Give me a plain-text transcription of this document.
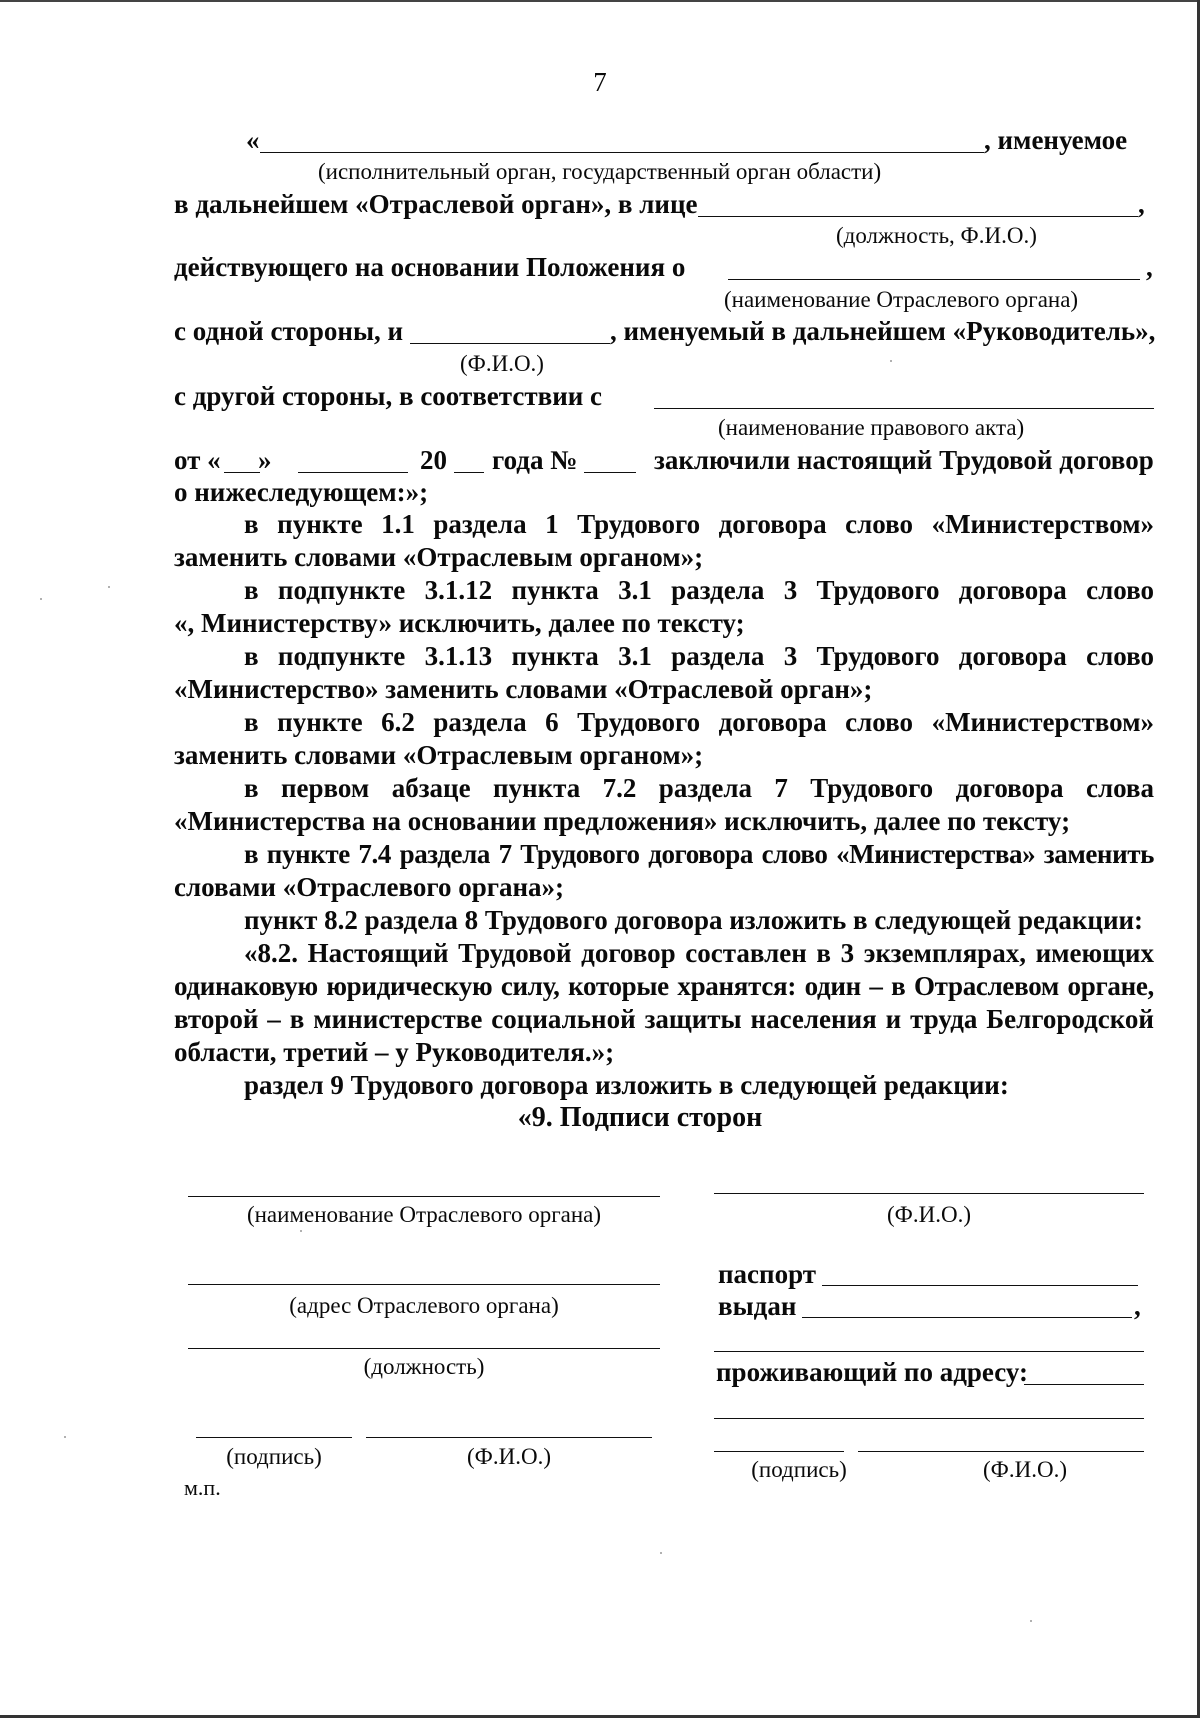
7
«	, именуемое
(исполнительный орган, государственный орган области)
в дальнейшем «Отраслевой орган», в лице	,
(должность, Ф.И.О.)
действующего на основании Положения о	,
(наименование Отраслевого органа)
с одной стороны, и	, именуемый в дальнейшем «Руководитель»,
(Ф.И.О.)
с другой стороны, в соответствии с
(наименование правового акта)
от « »	20 года №	заключили настоящий Трудовой договор
о нижеследующем:»;
в пункте 1.1 раздела 1 Трудового договора слово «Министерством»
заменить словами «Отраслевым органом»;
в подпункте 3.1.12 пункта 3.1 раздела 3 Трудового договора слово
«, Министерству» исключить, далее по тексту;
в подпункте 3.1.13 пункта 3.1 раздела 3 Трудового договора слово
«Министерство» заменить словами «Отраслевой орган»;
в пункте 6.2 раздела 6 Трудового договора слово «Министерством»
заменить словами «Отраслевым органом»;
в первом абзаце пункта 7.2 раздела 7 Трудового договора слова
«Министерства на основании предложения» исключить, далее по тексту;
в пункте 7.4 раздела 7 Трудового договора слово «Министерства» заменить
словами «Отраслевого органа»;
пункт 8.2 раздела 8 Трудового договора изложить в следующей редакции:
«8.2. Настоящий Трудовой договор составлен в 3 экземплярах, имеющих
одинаковую юридическую силу, которые хранятся: один – в Отраслевом органе,
второй – в министерстве социальной защиты населения и труда Белгородской
области, третий – у Руководителя.»;
раздел 9 Трудового договора изложить в следующей редакции:
«9. Подписи сторон
(наименование Отраслевого органа)
(адрес Отраслевого органа)
(должность)
(подпись)	(Ф.И.О.)
м.п.
(Ф.И.О.)
паспорт
выдан	,
проживающий по адресу:
(подпись)	(Ф.И.О.)
